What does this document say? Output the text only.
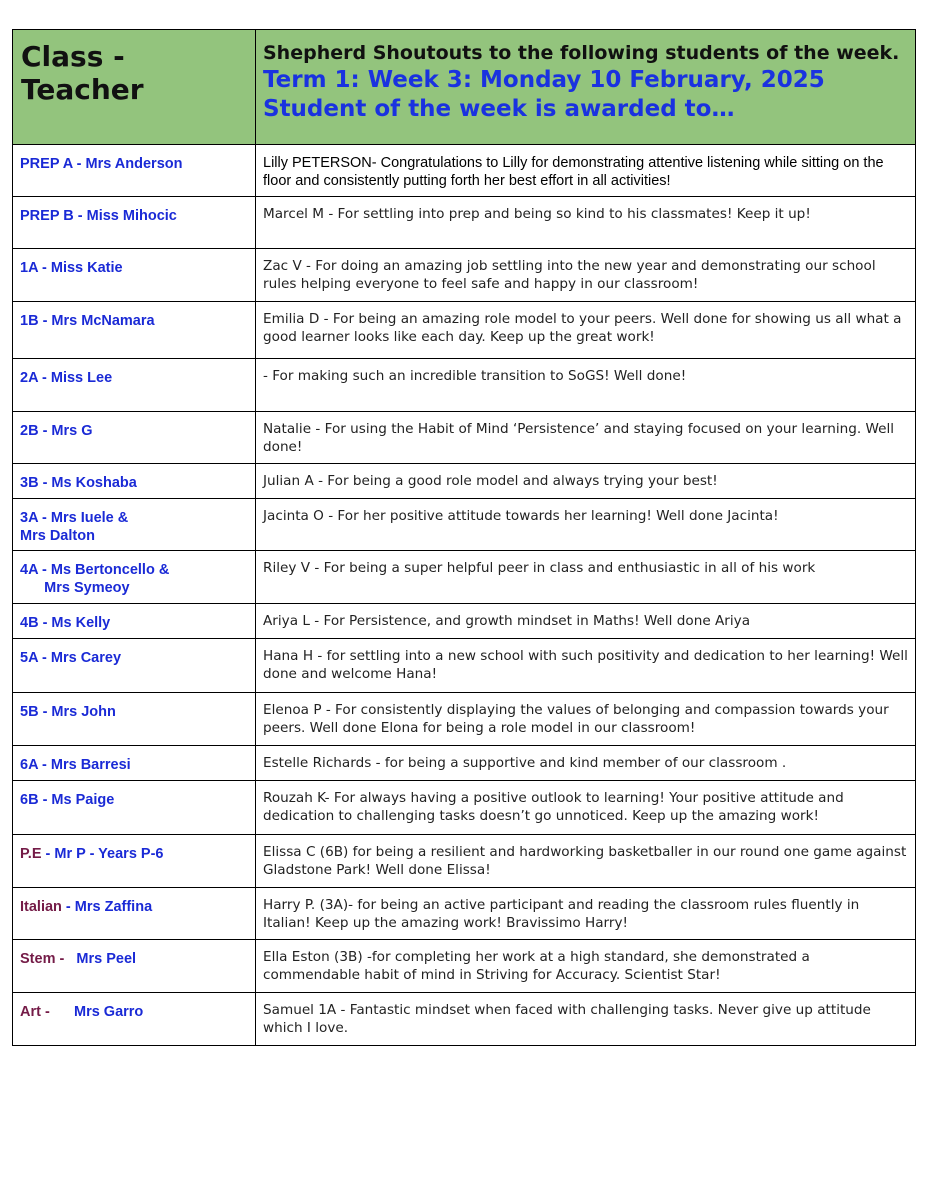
Class - Teacher	Shepherd Shoutouts to the following students of the week.
Term 1: Week 3: Monday 10 February, 2025
Student of the week is awarded to…

PREP A - Mrs Anderson	Lilly PETERSON- Congratulations to Lilly for demonstrating attentive listening while sitting on the floor and consistently putting forth her best effort in all activities!
PREP B - Miss Mihocic	Marcel M - For settling into prep and being so kind to his classmates! Keep it up!
1A - Miss Katie	Zac V - For doing an amazing job settling into the new year and demonstrating our school rules helping everyone to feel safe and happy in our classroom!
1B - Mrs McNamara	Emilia D - For being an amazing role model to your peers. Well done for showing us all what a good learner looks like each day. Keep up the great work!
2A - Miss Lee	- For making such an incredible transition to SoGS! Well done!
2B - Mrs G	Natalie - For using the Habit of Mind ‘Persistence’ and staying focused on your learning. Well done!
3B - Ms Koshaba	Julian A - For being a good role model and always trying your best!
3A - Mrs Iuele &
Mrs Dalton	Jacinta O - For her positive attitude towards her learning! Well done Jacinta!
4A - Ms Bertoncello &
Mrs Symeoy	Riley V - For being a super helpful peer in class and enthusiastic in all of his work
4B - Ms Kelly	Ariya L - For Persistence, and growth mindset in Maths! Well done Ariya
5A - Mrs Carey	Hana H - for settling into a new school with such positivity and dedication to her learning! Well done and welcome Hana!
5B - Mrs John	Elenoa P - For consistently displaying the values of belonging and compassion towards your peers. Well done Elona for being a role model in our classroom!
6A - Mrs Barresi	Estelle Richards - for being a supportive and kind member of our classroom .
6B - Ms Paige	Rouzah K- For always having a positive outlook to learning! Your positive attitude and dedication to challenging tasks doesn’t go unnoticed. Keep up the amazing work!
P.E - Mr P - Years P-6	Elissa C (6B) for being a resilient and hardworking basketballer in our round one game against Gladstone Park! Well done Elissa!
Italian - Mrs Zaffina	Harry P. (3A)- for being an active participant and reading the classroom rules fluently in Italian! Keep up the amazing work! Bravissimo Harry!
Stem -   Mrs Peel	Ella Eston (3B) -for completing her work at a high standard, she demonstrated a commendable habit of mind in Striving for Accuracy. Scientist Star!
Art -      Mrs Garro	Samuel 1A - Fantastic mindset when faced with challenging tasks. Never give up attitude which I love.
